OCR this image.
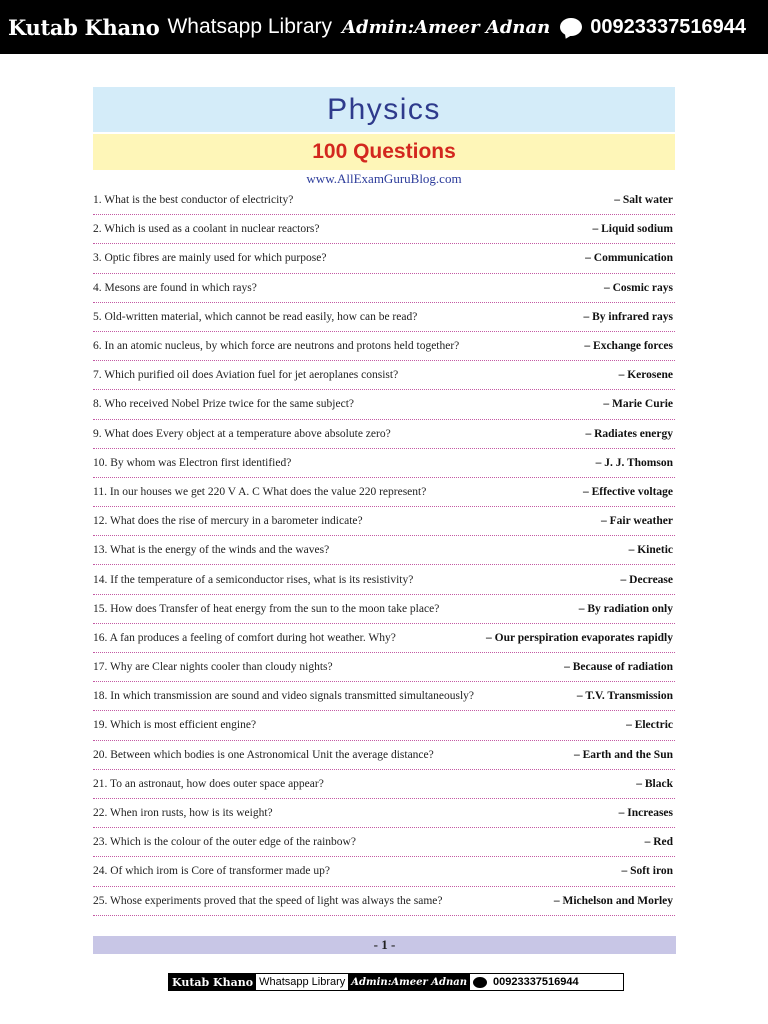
Kutab Khano Whatsapp Library Admin:Ameer Adnan 00923337516944
Physics
100 Questions
www.AllExamGuruBlog.com
1. What is the best conductor of electricity?	– Salt water
2. Which is used as a coolant in nuclear reactors?	– Liquid sodium
3. Optic fibres are mainly used for which purpose?	– Communication
4. Mesons are found in which rays?	– Cosmic rays
5. Old-written material, which cannot be read easily, how can be read?	– By infrared rays
6. In an atomic nucleus, by which force are neutrons and protons held together?	– Exchange forces
7. Which purified oil does Aviation fuel for jet aeroplanes consist?	– Kerosene
8. Who received Nobel Prize twice for the same subject?	– Marie Curie
9. What does Every object at a temperature above absolute zero?	– Radiates energy
10. By whom was Electron first identified?	– J. J. Thomson
11. In our houses we get 220 V A. C What does the value 220 represent?	– Effective voltage
12. What does the rise of mercury in a barometer indicate?	– Fair weather
13. What is the energy of the winds and the waves?	– Kinetic
14. If the temperature of a semiconductor rises, what is its resistivity?	– Decrease
15. How does Transfer of heat energy from the sun to the moon take place?	– By radiation only
16. A fan produces a feeling of comfort during hot weather. Why?	– Our perspiration evaporates rapidly
17. Why are Clear nights cooler than cloudy nights?	– Because of radiation
18. In which transmission are sound and video signals transmitted simultaneously?	– T.V. Transmission
19. Which is most efficient engine?	– Electric
20. Between which bodies is one Astronomical Unit the average distance?	– Earth and the Sun
21. To an astronaut, how does outer space appear?	– Black
22. When iron rusts, how is its weight?	– Increases
23. Which is the colour of the outer edge of the rainbow?	– Red
24. Of which irom is Core of transformer made up?	– Soft iron
25. Whose experiments proved that the speed of light was always the same?	– Michelson and Morley
- 1 -
Kutab Khano Whatsapp Library Admin:Ameer Adnan 00923337516944
